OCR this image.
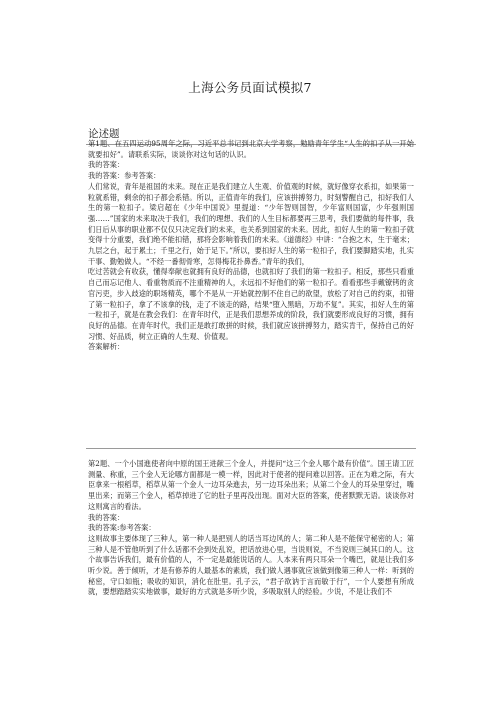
上海公务员面试模拟7
论述题

第1题、在五四运动95周年之际，习近平总书记到北京大学考察，勉励青年学生“人生的扣子从一开始就要扣好”。请联系实际，谈谈你对这句话的认识。

我的答案：

我的答案：参考答案：

人们常说，青年是祖国的未来。现在正是我们建立人生观、价值观的时候，就好像穿衣系扣，如果第一粒就系错，剩余的扣子都会系错。所以，正值青年的我们，应该拼搏努力，时刻警醒自己，扣好我们人生的第一粒扣子。梁启超在《少年中国说》里提道：“少年智则国智，少年富则国富，少年强则国强……”国家的未来取决于我们，我们的理想、我们的人生目标都要再三思考，我们要做的每件事，我们日后从事的职业都不仅仅只决定我们的未来，也关系到国家的未来。因此，扣好人生的第一粒扣子就变得十分重要，我们绝不能扣错，那将会影响着我们的未来。《道德经》中讲：“合抱之木，生于毫末；九层之台，起于累土；千里之行，始于足下。”所以，要扣好人生的第一粒扣子，我们要脚踏实地，扎实干事、勤勉做人。“不经一番彻骨寒，怎得梅花扑鼻香。”青年的我们，

吃过苦就会有收获，懂得奉献也就拥有良好的品德，也就扣好了我们的第一粒扣子。相反，那些只看重自己而忘记他人、看重物质而不注重精神的人，永远扣不好他们的第一粒扣子。看看那些手戴镣铐的贪官污吏，步入歧途的职场精英，哪个不是从一开始就控制不住自己的欲望，放松了对自己的约束，扣错了第一粒扣子，拿了不该拿的钱，走了不该走的路，结果“堕入黑暗，万劫不复”。其实，扣好人生的第一粒扣子，就是在教会我们：在青年时代，正是我们思想养成的阶段，我们就要形成良好的习惯，拥有良好的品德。在青年时代，我们正是敢打敢拼的时候，我们就应该拼搏努力，踏实肯干，保持自己的好习惯、好品质，树立正确的人生观、价值观。

答案解析：

第2题、一个小国進使者向中原的国王进献三个金人，并提问“这三个金人哪个最有价值”。国王请工匠测量、称重，三个金人无论哪方面都是一模一样，因此对于使者的提问难以回答。正在为难之际，有大臣拿来一根稻草，稻草从第一个金人一边耳朵進去，另一边耳朵出来；从第二个金人的耳朵里穿过，嘴里出来；而第三个金人，稻草掉进了它的肚子里再没出现。面对大臣的答案，使者默默无语。谈谈你对这则寓言的看法。

我的答案：

我的答案:参考答案：

这则故事主要体现了三种人，第一种人是把别人的话当耳边风的人；第二种人是不能保守秘密的人；第三种人是不管他听到了什么话都不会到处乱说，把话放进心里，当说则说，不当说则三缄其口的人。这个故事告诉我们，最有价值的人，不一定是最能说话的人。人本来有两只耳朵一个嘴巴，就是让我们多听少说。善于倾听，才是有修养的人最基本的素质，我们做人遇事就应该做到像第三种人一样：听到的秘密，守口如瓶；吸收的知识，消化在肚里。孔子云，“君子欲讷于言而敏于行”，一个人要想有所成就，要想踏踏实实地做事，最好的方式就是多听少说，多吸取别人的经验。少说，不是让我们不
